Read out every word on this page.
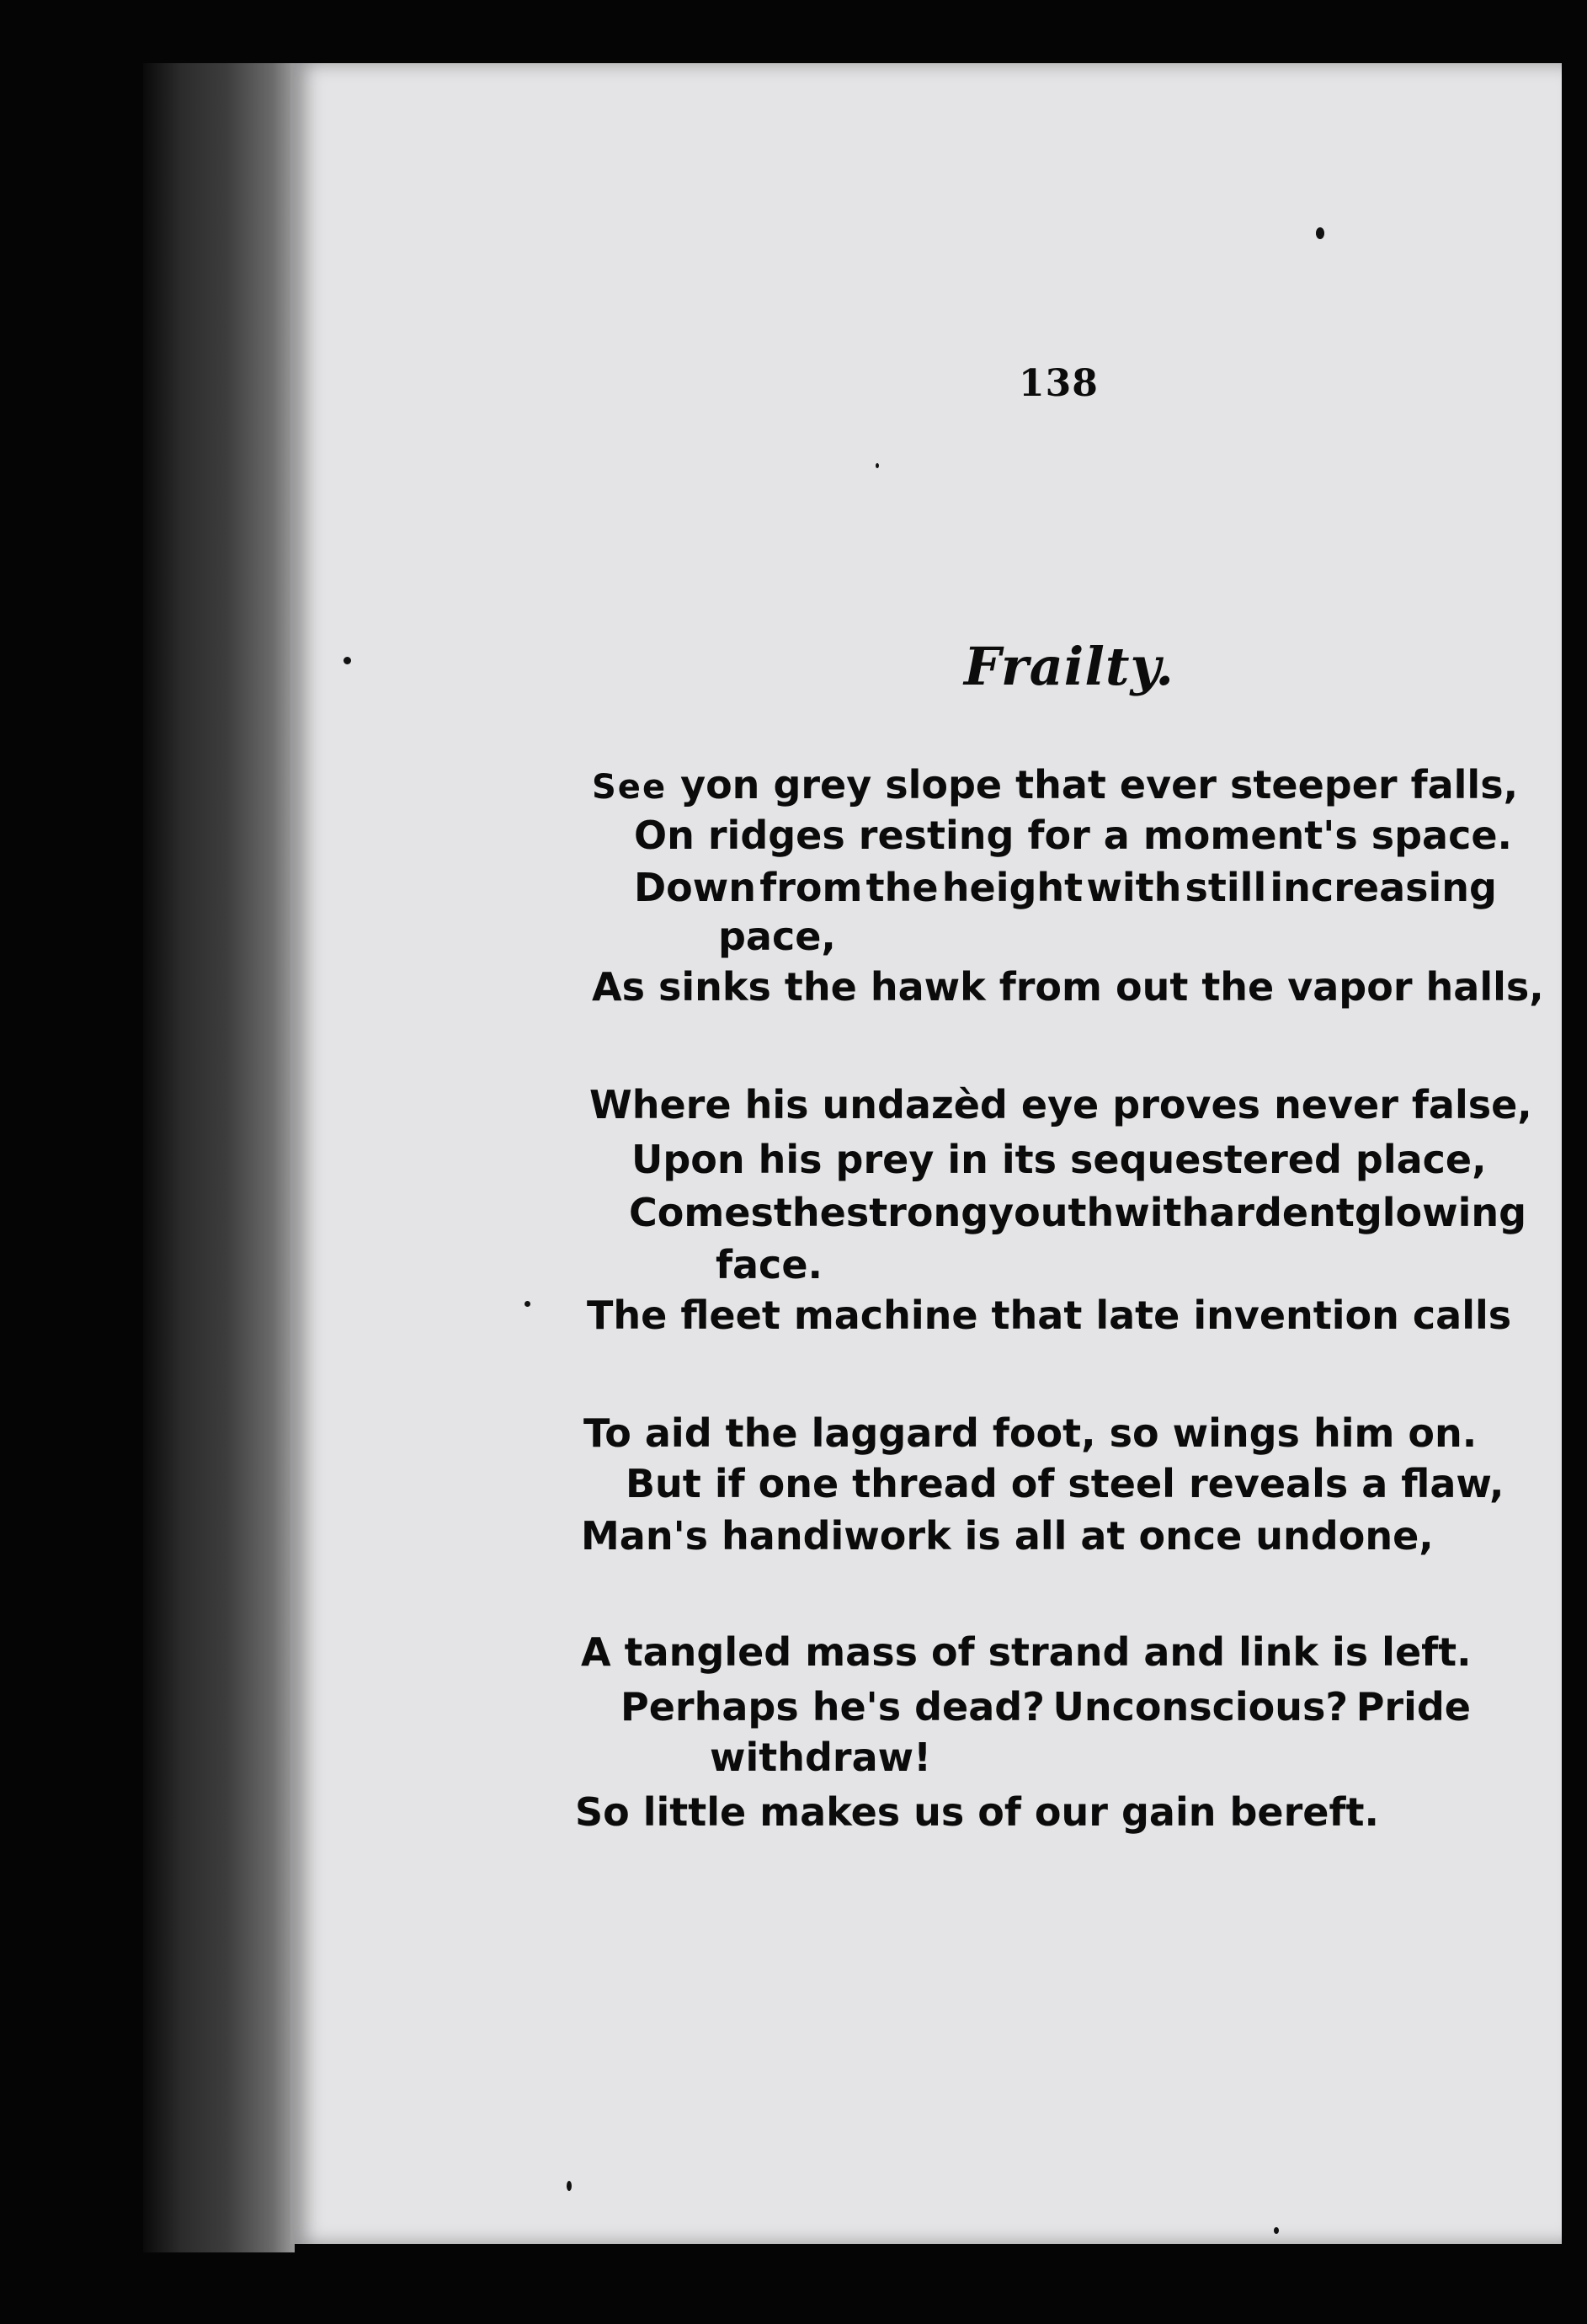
138
Frailty.
See yon grey slope that ever steeper falls,
On ridges resting for a moment's space.
Down from the height with still increasing
pace,
As sinks the hawk from out the vapor halls,
Where his undazèd eye proves never false,
Upon his prey in its sequestered place,
Comes the strong youth with ardent glowing
face.
The fleet machine that late invention calls
To aid the laggard foot, so wings him on.
But if one thread of steel reveals a flaw,
Man's handiwork is all at once undone,
A tangled mass of strand and link is left.
Perhaps he's dead? Unconscious? Pride
withdraw!
So little makes us of our gain bereft.
